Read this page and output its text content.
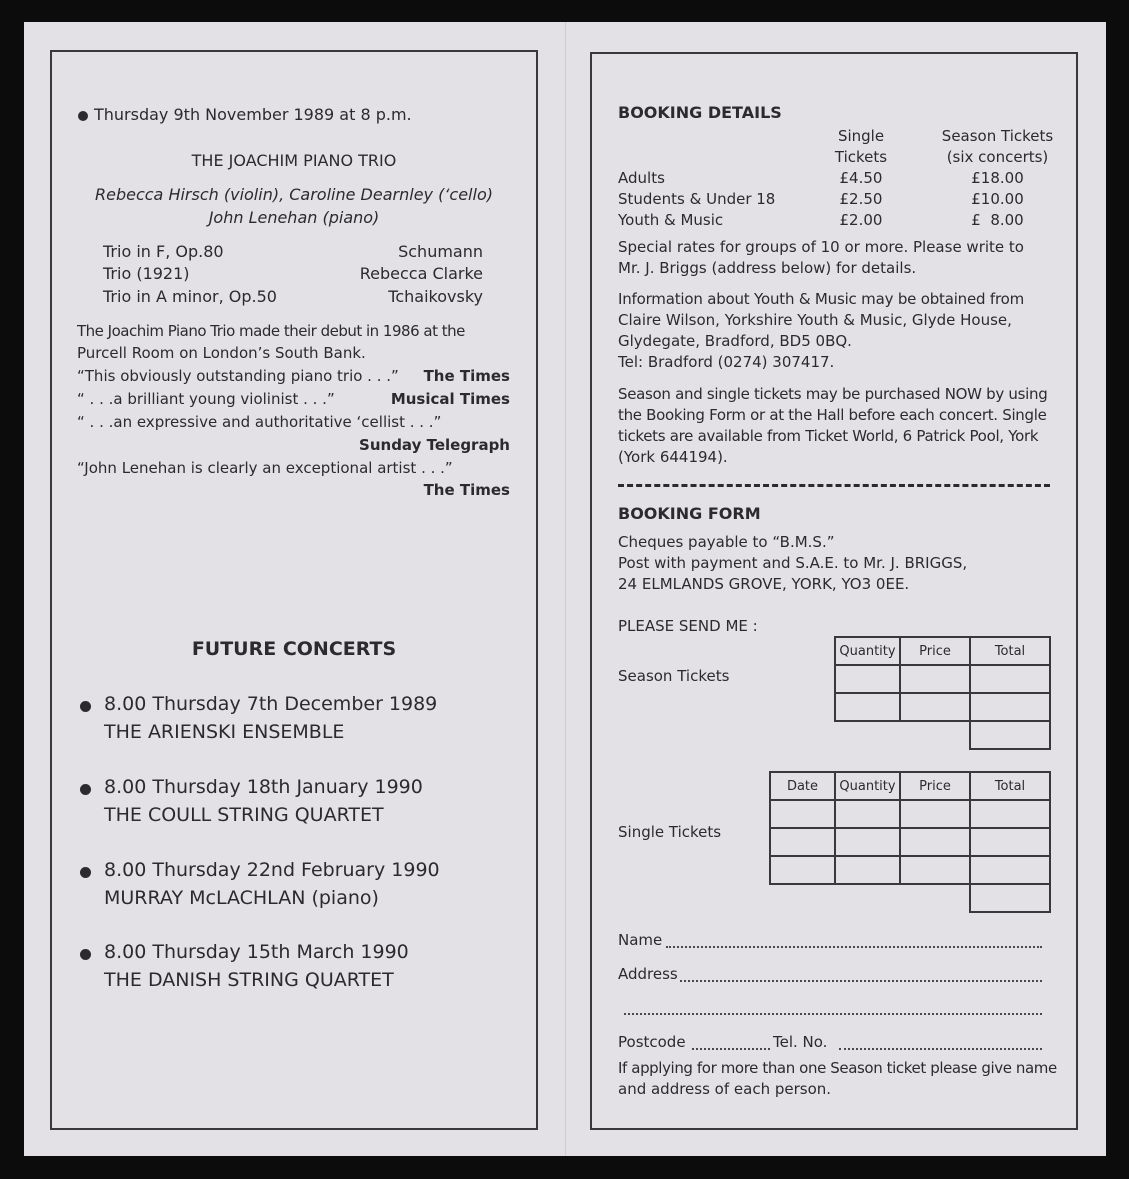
Thursday 9th November 1989 at 8 p.m.
THE JOACHIM PIANO TRIO
Rebecca Hirsch (violin), Caroline Dearnley (‘cello)
John Lenehan (piano)
Trio in F, Op.80	Schumann
Trio (1921)	Rebecca Clarke
Trio in A minor, Op.50	Tchaikovsky
The Joachim Piano Trio made their debut in 1986 at the
Purcell Room on London’s South Bank.
“This obviously outstanding piano trio . . .”	The Times
“ . . .a brilliant young violinist . . .”	Musical Times
“ . . .an expressive and authoritative ‘cellist . . .”
Sunday Telegraph
“John Lenehan is clearly an exceptional artist . . .”
The Times
FUTURE CONCERTS
8.00 Thursday 7th December 1989
THE ARIENSKI ENSEMBLE
8.00 Thursday 18th January 1990
THE COULL STRING QUARTET
8.00 Thursday 22nd February 1990
MURRAY McLACHLAN (piano)
8.00 Thursday 15th March 1990
THE DANISH STRING QUARTET
BOOKING DETAILS
Single
Tickets
Season Tickets
(six concerts)
Adults	£4.50	£18.00
Students & Under 18	£2.50	£10.00
Youth & Music	£2.00	£  8.00
Special rates for groups of 10 or more. Please write to
Mr. J. Briggs (address below) for details.
Information about Youth & Music may be obtained from
Claire Wilson, Yorkshire Youth & Music, Glyde House,
Glydegate, Bradford, BD5 0BQ.
Tel: Bradford (0274) 307417.
Season and single tickets may be purchased NOW by using
the Booking Form or at the Hall before each concert. Single
tickets are available from Ticket World, 6 Patrick Pool, York
(York 644194).
BOOKING FORM
Cheques payable to “B.M.S.”
Post with payment and S.A.E. to Mr. J. BRIGGS,
24 ELMLANDS GROVE, YORK, YO3 0EE.
PLEASE SEND ME :
Season Tickets
Quantity	Price	Total

Single Tickets
Date	Quantity	Price	Total

Name
Address
Postcode	Tel. No.
If applying for more than one Season ticket please give name
and address of each person.
